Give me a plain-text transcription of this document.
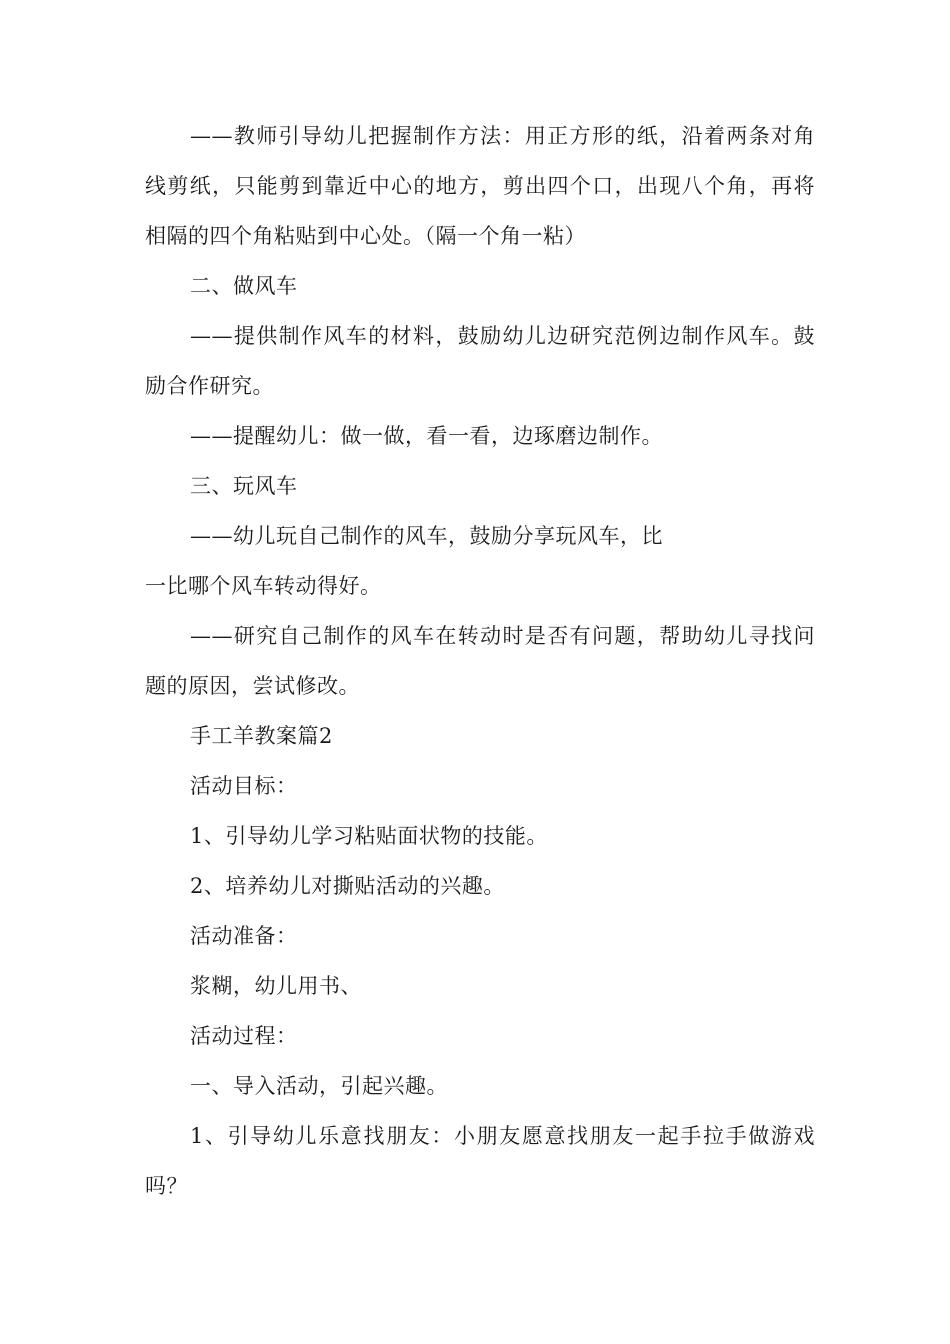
——教师引导幼儿把握制作方法：用正方形的纸，沿着两条对角
线剪纸，只能剪到靠近中心的地方，剪出四个口，出现八个角，再将
相隔的四个角粘贴到中心处。（隔一个角一粘）
二、做风车
——提供制作风车的材料，鼓励幼儿边研究范例边制作风车。鼓
励合作研究。
——提醒幼儿：做一做，看一看，边琢磨边制作。
三、玩风车
——幼儿玩自己制作的风车，鼓励分享玩风车，比
一比哪个风车转动得好。
——研究自己制作的风车在转动时是否有问题，帮助幼儿寻找问
题的原因，尝试修改。
手工羊教案篇2
活动目标：
1、引导幼儿学习粘贴面状物的技能。
2、培养幼儿对撕贴活动的兴趣。
活动准备：
浆糊，幼儿用书、
活动过程：
一、导入活动，引起兴趣。
1、引导幼儿乐意找朋友：小朋友愿意找朋友一起手拉手做游戏
吗？
